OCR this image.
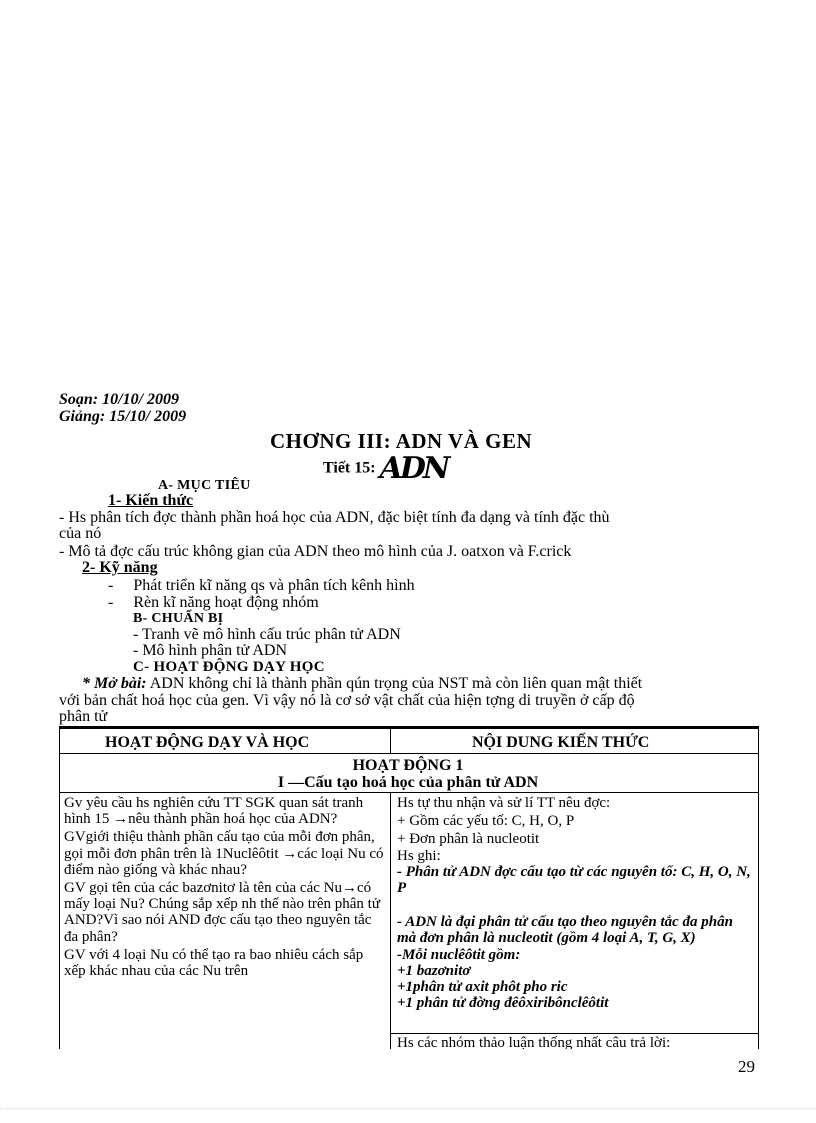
Soạn: 10/10/ 2009
Giảng: 15/10/ 2009
CHƠNG III: ADN VÀ GEN
Tiết 15: ADN
A- MỤC TIÊU
1- Kiến thức
- Hs phân tích đợc thành phần hoá học của ADN, đặc biệt tính đa dạng và tính đặc thù
của nó
- Mô tả đợc cấu trúc không gian của ADN theo mô hình của J. oatxon và F.crick
2- Kỹ năng
-     Phát triển kĩ năng qs và phân tích kênh hình
-     Rèn kĩ năng hoạt động nhóm
B- CHUẨN BỊ
- Tranh vẽ mô hình cấu trúc phân tử ADN
- Mô hình phân tử ADN
C- HOẠT ĐỘNG DẠY HỌC
* Mở bài: ADN không chỉ là thành phần qún trọng của NST mà còn liên quan mật thiết
với bản chất hoá học của gen. Vì vậy nó là cơ sở vật chất của hiện tợng di truyền ở cấp độ
phân tử
HOẠT ĐỘNG DẠY VÀ HỌC	NỘI DUNG KIẾN THỨC
HOẠT ĐỘNG 1
I —Cấu tạo hoá học của phân tử ADN

Gv yêu cầu hs nghiên cứu TT SGK quan sát tranh hình 15 →nêu thành phần hoá học của ADN?

GVgiới thiệu thành phần cấu tạo của mỗi đơn phân, gọi mỗi đơn phân trên là 1Nuclêôtit →các loại Nu có điểm nào giống và khác nhau?

GV gọi tên của các bazơnitơ là tên của các Nu→có mấy loại Nu? Chúng sắp xếp nh thế nào trên phân tử AND?Vì sao nói AND đợc cấu tạo theo nguyên tắc đa phân?

GV với 4 loại Nu có thể tạo ra bao nhiêu cách sắp xếp khác nhau của các Nu trên

Hs tự thu nhận và sử lí TT nêu đợc:

+ Gồm các yếu tố: C, H, O, P

+ Đơn phân là nucleotit

Hs ghi:

- Phân tử ADN đợc cấu tạo từ các nguyên tố: C, H, O, N, P

- ADN là đại phân tử cấu tạo theo nguyên tắc đa phân mà đơn phân là nucleotit (gồm 4 loại A, T, G, X)

-Mỗi nuclêôtit gồm:

+1 bazơnitơ

+1phân tử axit phôt pho ric

+1 phân tử đờng đêôxiribônclêôtit

Hs các nhóm thảo luận thống nhất câu trả lời:
29
